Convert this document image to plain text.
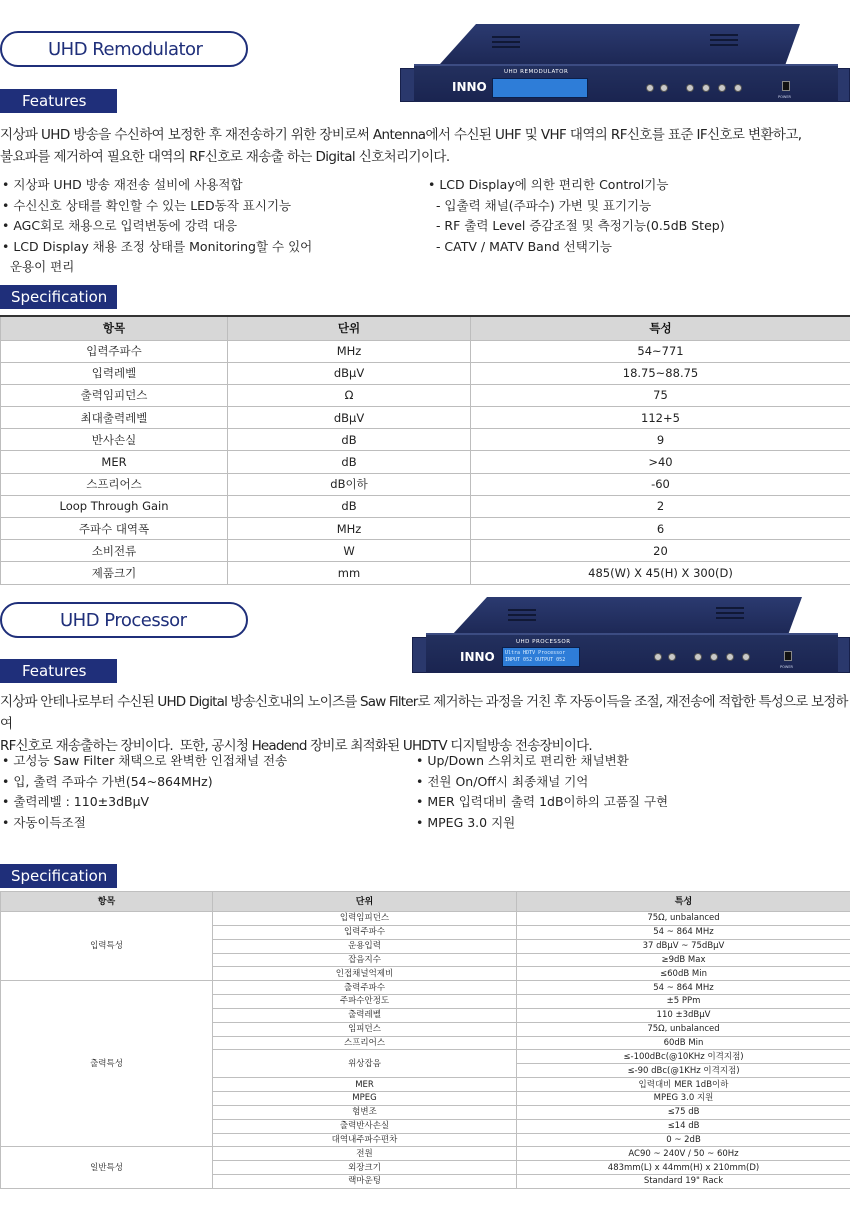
UHD Remodulator
INNO
UHD REMODULATOR
POWER
Features
지상파 UHD 방송을 수신하여 보정한 후 재전송하기 위한 장비로써 Antenna에서 수신된 UHF 및 VHF 대역의 RF신호를 표준 IF신호로 변환하고,
불요파를 제거하여 필요한 대역의 RF신호로 재송출 하는 Digital 신호처리기이다.
• 지상파 UHD 방송 재전송 설비에 사용적합
• 수신신호 상태를 확인할 수 있는 LED동작 표시기능
• AGC회로 채용으로 입력변동에 강력 대응
• LCD Display 채용 조정 상태를 Monitoring할 수 있어
운용이 편리
• LCD Display에 의한 편리한 Control기능
- 입출력 채널(주파수) 가변 및 표기기능
- RF 출력 Level 증감조절 및 측정기능(0.5dB Step)
- CATV / MATV Band 선택기능
Specification
항목	단위	특성
입력주파수	MHz	54~771
입력레벨	dBμV	18.75~88.75
출력임피던스	Ω	75
최대출력레벨	dBμV	112+5
반사손실	dB	9
MER	dB	>40
스프리어스	dB이하	-60
Loop Through Gain	dB	2
주파수 대역폭	MHz	6
소비전류	W	20
제품크기	mm	485(W) X 45(H) X 300(D)
UHD Processor
INNO
UHD PROCESSOR
Ultra HDTV Processor
INPUT 052 OUTPUT 052
POWER
Features
지상파 안테나로부터 수신된 UHD Digital 방송신호내의 노이즈를 Saw Filter로 제거하는 과정을 거친 후 자동이득을 조절, 재전송에 적합한 특성으로 보정하여
RF신호로 재송출하는 장비이다.  또한, 공시청 Headend 장비로 최적화된 UHDTV 디지털방송 전송장비이다.
• 고성능 Saw Filter 채택으로 완벽한 인접채널 전송
• 입, 출력 주파수 가변(54~864MHz)
• 출력레벨 : 110±3dBμV
• 자동이득조절
• Up/Down 스위치로 편리한 채널변환
• 전원 On/Off시 최종채널 기억
• MER 입력대비 출력 1dB이하의 고품질 구현
• MPEG 3.0 지원
Specification
항목	단위	특성
입력특성	입력임피던스	75Ω, unbalanced
	입력주파수	54 ~ 864 MHz
	운용입력	37 dBμV ~ 75dBμV
	잡음지수	≥9dB Max
	인접채널억제비	≤60dB Min
출력특성	출력주파수	54 ~ 864 MHz
	주파수안정도	±5 PPm
	출력레벨	110 ±3dBμV
	임피던스	75Ω, unbalanced
	스프리어스	60dB Min
	위상잡음	≤-100dBc(@10KHz 이격지점)
		≤-90 dBc(@1KHz 이격지점)
	MER	입력대비 MER 1dB이하
	MPEG	MPEG 3.0 지원
	험변조	≤75 dB
	출력반사손실	≤14 dB
	대역내주파수편차	0 ~ 2dB
일반특성	전원	AC90 ~ 240V / 50 ~ 60Hz
	외장크기	483mm(L) x 44mm(H) x 210mm(D)
	랙마운팅	Standard 19" Rack
